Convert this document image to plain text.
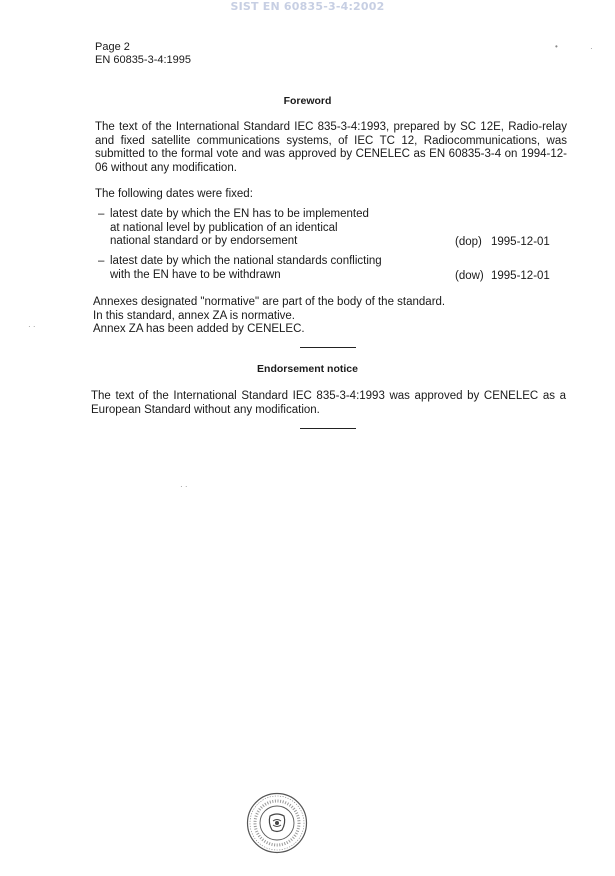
SIST EN 60835-3-4:2002
Page 2
EN 60835-3-4:1995
•	·
· ·
· ·
Foreword
The text of the International Standard IEC 835-3-4:1993, prepared by SC 12E, Radio-relay and fixed satellite communications systems, of IEC TC 12, Radiocommunications, was submitted to the formal vote and was approved by CENELEC as EN 60835-3-4 on 1994-12-06 without any modification.
The following dates were fixed:
– latest date by which the EN has to be implemented
at national level by publication of an identical
national standard or by endorsement	(dop) 1995-12-01
– latest date by which the national standards conflicting
with the EN have to be withdrawn	(dow) 1995-12-01
Annexes designated "normative" are part of the body of the standard.
In this standard, annex ZA is normative.
Annex ZA has been added by CENELEC.
Endorsement notice
The text of the International Standard IEC 835-3-4:1993 was approved by CENELEC as a European Standard without any modification.
